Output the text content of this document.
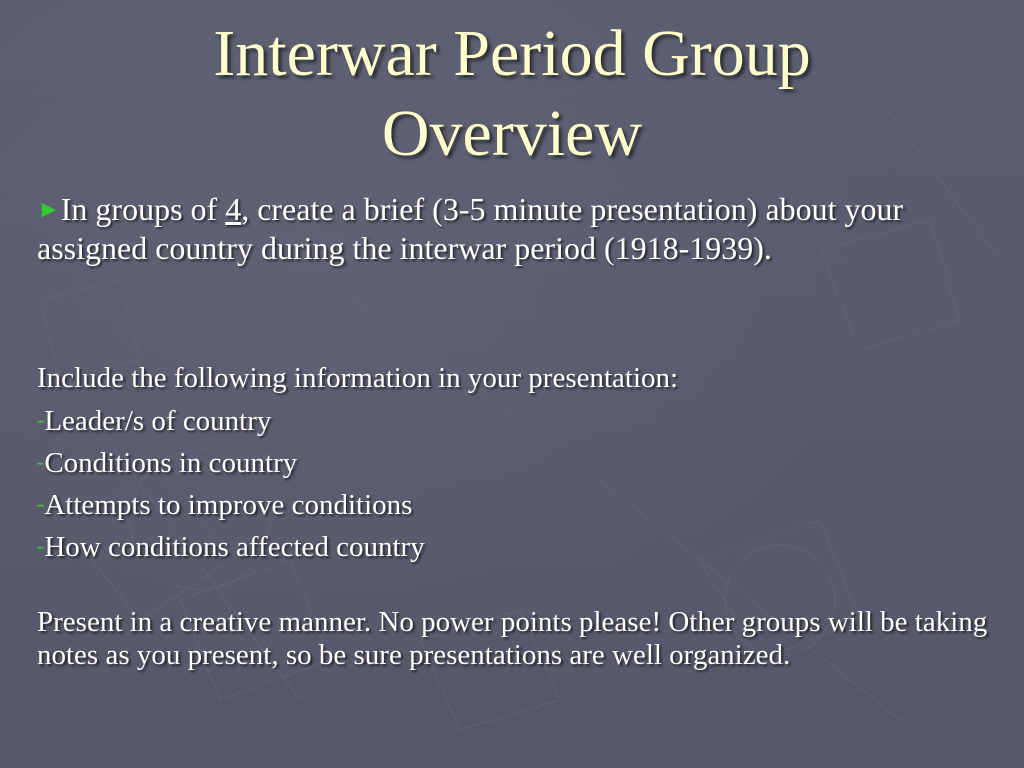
Interwar Period Group
Overview
►In groups of 4, create a brief (3-5 minute presentation) about your assigned country during the interwar period (1918-1939).
Include the following information in your presentation:
-Leader/s of country
-Conditions in country
-Attempts to improve conditions
-How conditions affected country
Present in a creative manner. No power points please! Other groups will be taking notes as you present, so be sure presentations are well organized.
